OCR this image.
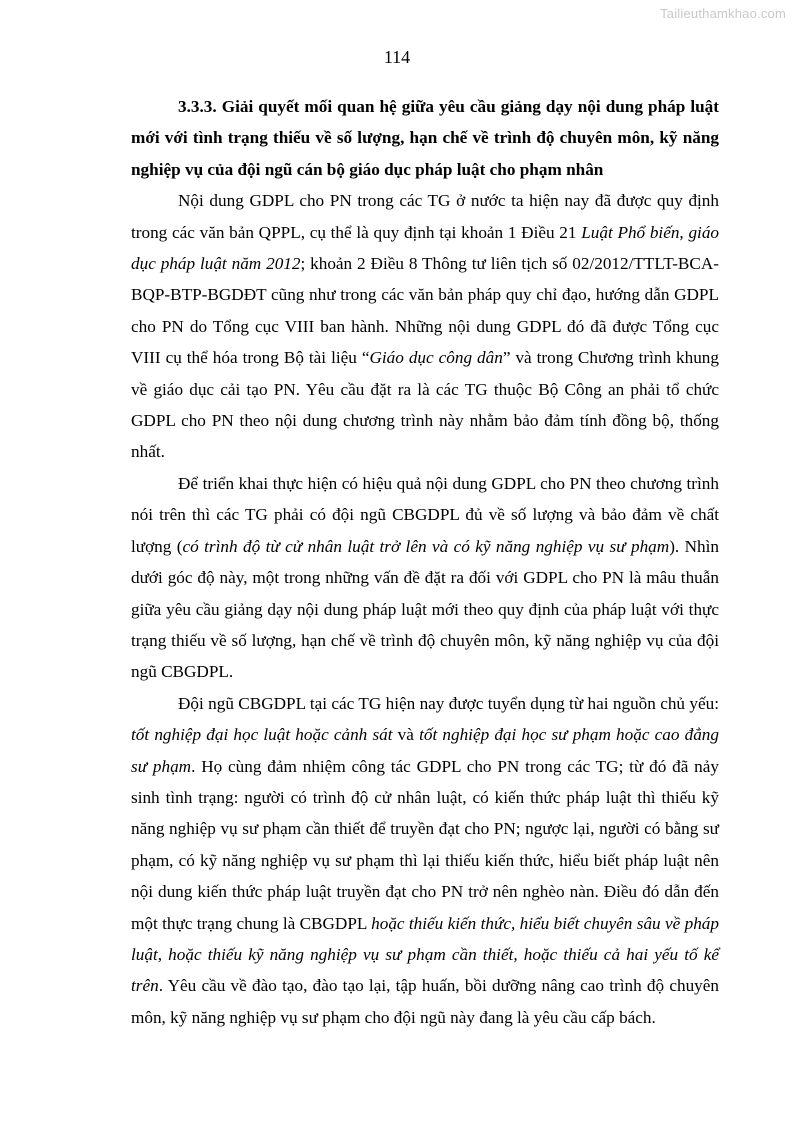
Tailieuthamkhao.com
114

3.3.3. Giải quyết mối quan hệ giữa yêu cầu giảng dạy nội dung pháp luật mới với tình trạng thiếu về số lượng, hạn chế về trình độ chuyên môn, kỹ năng nghiệp vụ của đội ngũ cán bộ giáo dục pháp luật cho phạm nhân

Nội dung GDPL cho PN trong các TG ở nước ta hiện nay đã được quy định trong các văn bản QPPL, cụ thể là quy định tại khoản 1 Điều 21 Luật Phổ biến, giáo dục pháp luật năm 2012; khoản 2 Điều 8 Thông tư liên tịch số 02/2012/TTLT-BCA-BQP-BTP-BGDĐT cũng như trong các văn bản pháp quy chỉ đạo, hướng dẫn GDPL cho PN do Tổng cục VIII ban hành. Những nội dung GDPL đó đã được Tổng cục VIII cụ thể hóa trong Bộ tài liệu “Giáo dục công dân” và trong Chương trình khung về giáo dục cải tạo PN. Yêu cầu đặt ra là các TG thuộc Bộ Công an phải tổ chức GDPL cho PN theo nội dung chương trình này nhằm bảo đảm tính đồng bộ, thống nhất.

Để triển khai thực hiện có hiệu quả nội dung GDPL cho PN theo chương trình nói trên thì các TG phải có đội ngũ CBGDPL đủ về số lượng và bảo đảm về chất lượng (có trình độ từ cử nhân luật trở lên và có kỹ năng nghiệp vụ sư phạm). Nhìn dưới góc độ này, một trong những vấn đề đặt ra đối với GDPL cho PN là mâu thuẫn giữa yêu cầu giảng dạy nội dung pháp luật mới theo quy định của pháp luật với thực trạng thiếu về số lượng, hạn chế về trình độ chuyên môn, kỹ năng nghiệp vụ của đội ngũ CBGDPL.

Đội ngũ CBGDPL tại các TG hiện nay được tuyển dụng từ hai nguồn chủ yếu: tốt nghiệp đại học luật hoặc cảnh sát và tốt nghiệp đại học sư phạm hoặc cao đẳng sư phạm. Họ cùng đảm nhiệm công tác GDPL cho PN trong các TG; từ đó đã nảy sinh tình trạng: người có trình độ cử nhân luật, có kiến thức pháp luật thì thiếu kỹ năng nghiệp vụ sư phạm cần thiết để truyền đạt cho PN; ngược lại, người có bằng sư phạm, có kỹ năng nghiệp vụ sư phạm thì lại thiếu kiến thức, hiểu biết pháp luật nên nội dung kiến thức pháp luật truyền đạt cho PN trở nên nghèo nàn. Điều đó dẫn đến một thực trạng chung là CBGDPL hoặc thiếu kiến thức, hiểu biết chuyên sâu về pháp luật, hoặc thiếu kỹ năng nghiệp vụ sư phạm cần thiết, hoặc thiếu cả hai yếu tố kể trên. Yêu cầu về đào tạo, đào tạo lại, tập huấn, bồi dưỡng nâng cao trình độ chuyên môn, kỹ năng nghiệp vụ sư phạm cho đội ngũ này đang là yêu cầu cấp bách.
